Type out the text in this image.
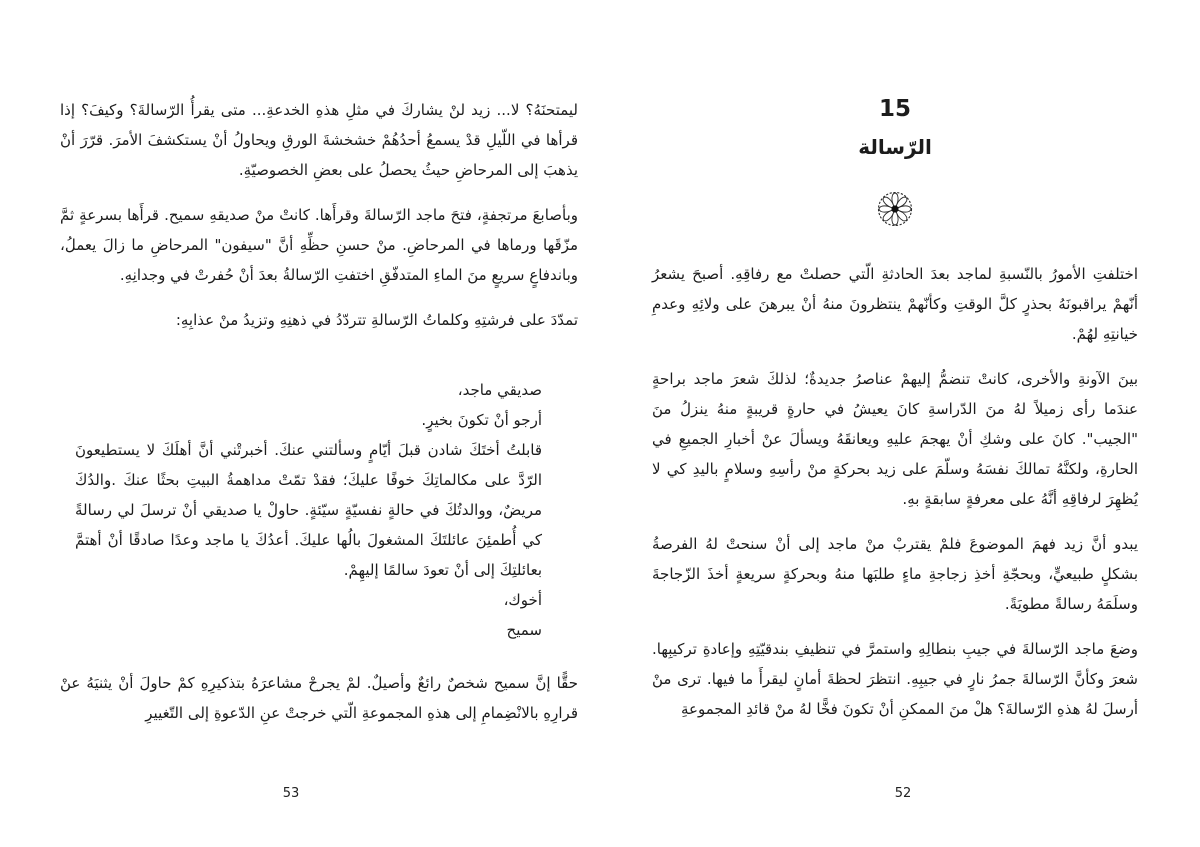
15
الرّسالة

اختلفتِ الأمورُ بالنّسبةِ لماجد بعدَ الحادثةِ الّتي حصلتْ مع رفاقِهِ. أصبحَ يشعرُ أنّهمْ يراقبونَهُ بحذرٍ كلَّ الوقتِ وكأنّهمْ ينتظرونَ منهُ أنْ يبرهنَ على ولائِهِ وعدمِ خيانتِهِ لهُمْ.

بينَ الآونةِ والأخرى، كانتْ تنضمُّ إليهمْ عناصرُ جديدةٌ؛ لذلكَ شعرَ ماجد براحةٍ عندَما رأى زميلاً لهُ منَ الدّراسةِ كانَ يعيشُ في حارةٍ قريبةٍ منهُ ينزلُ منَ "الجيب". كانَ على وشكِ أنْ يهجمَ عليهِ ويعانقَهُ ويسألَ عنْ أخبارِ الجميعِ في الحارةِ، ولكنَّهُ تمالكَ نفسَهُ وسلّمَ على زيد بحركةٍ منْ رأسِهِ وسلامٍ باليدِ كي لا يُظهِرَ لرفاقِهِ أنَّهُ على معرفةٍ سابقةٍ بهِ.

يبدو أنَّ زيد فهمَ الموضوعَ فلمْ يقتربْ منْ ماجد إلى أنْ سنحتْ لهُ الفرصةُ بشكلٍ طبيعيٍّ، وبحجّةِ أخذِ زجاجةِ ماءٍ طلبَها منهُ وبحركةٍ سريعةٍ أخذَ الزّجاجةَ وسلَمَهُ رسالةً مطويَةً.

وضعَ ماجد الرّسالةَ في جيبِ بنطالِهِ واستمرَّ في تنظيفِ بندقيّتِهِ وإعادةِ تركيبِها. شعرَ وكأنَّ الرّسالةَ جمرُ نارٍ في جيبِهِ. انتظرَ لحظةَ أمانٍ ليقرأَ ما فيها. ترى منْ أرسلَ لهُ هذهِ الرّسالةَ؟ هلْ منَ الممكنِ أنْ تكونَ فخًّا لهُ منْ قائدِ المجموعةِ

ليمتحنَهُ؟ لا... زيد لنْ يشاركَ في مثلِ هذهِ الخدعةِ... متى يقرأُ الرّسالةَ؟ وكيفَ؟ إذا قرأها في اللّيلِ قدْ يسمعُ أحدُهُمْ خشخشةَ الورقِ ويحاولُ أنْ يستكشفَ الأمرَ. قرّرَ أنْ يذهبَ إلى المرحاضِ حيثُ يحصلُ على بعضِ الخصوصيّةِ.

وبأصابعَ مرتجفةٍ، فتحَ ماجد الرّسالةَ وقرأَها. كانتْ منْ صديقهِ سميح. قرأَها بسرعةٍ ثمَّ مزّقَها ورماها في المرحاضِ. منْ حسنِ حظِّهِ أنَّ "سيفون" المرحاضِ ما زالَ يعملُ، وباندفاعٍ سريعٍ منَ الماءِ المتدفّقِ اختفتِ الرّسالةُ بعدَ أنْ حُفرتْ في وجدانِهِ.

تمدّدَ على فرشتِهِ وكلماتُ الرّسالةِ تتردّدُ في ذهنِهِ وتزيدُ منْ عذابِهِ:

صديقي ماجد،

أرجو أنْ تكونَ بخيرٍ.

قابلتُ أختَكَ شادن قبلَ أيّامٍ وسألتني عنكَ. أخبرتْني أنَّ أهلَكَ لا يستطيعونَ الرّدَّ على مكالماتِكَ خوفًا عليكَ؛ فقدْ تمّتْ مداهمةُ البيتِ بحثًا عنكَ .والدُكَ مريضٌ، ووالدتُكَ في حالةٍ نفسيّةٍ سيّئةٍ. حاولْ يا صديقي أنْ ترسلَ لي رسالةً كي أُطمئِنَ عائلتَكَ المشغولَ بالُها عليكَ. أعدُكَ يا ماجد وعدًا صادقًا أنْ أهتمَّ بعائلتِكَ إلى أنْ تعودَ سالمًا إليهِمْ.

أخوك،

سميح

حقًّا إنَّ سميح شخصٌ رائعٌ وأصيلٌ. لمْ يجرحْ مشاعرَهُ بتذكيرِهِ كمْ حاولَ أنْ يثنيَهُ عنْ قرارِهِ بالانْضِمامِ إلى هذهِ المجموعةِ الّتي خرجتْ عنِ الدّعوةِ إلى التّغييرِ

53	52
